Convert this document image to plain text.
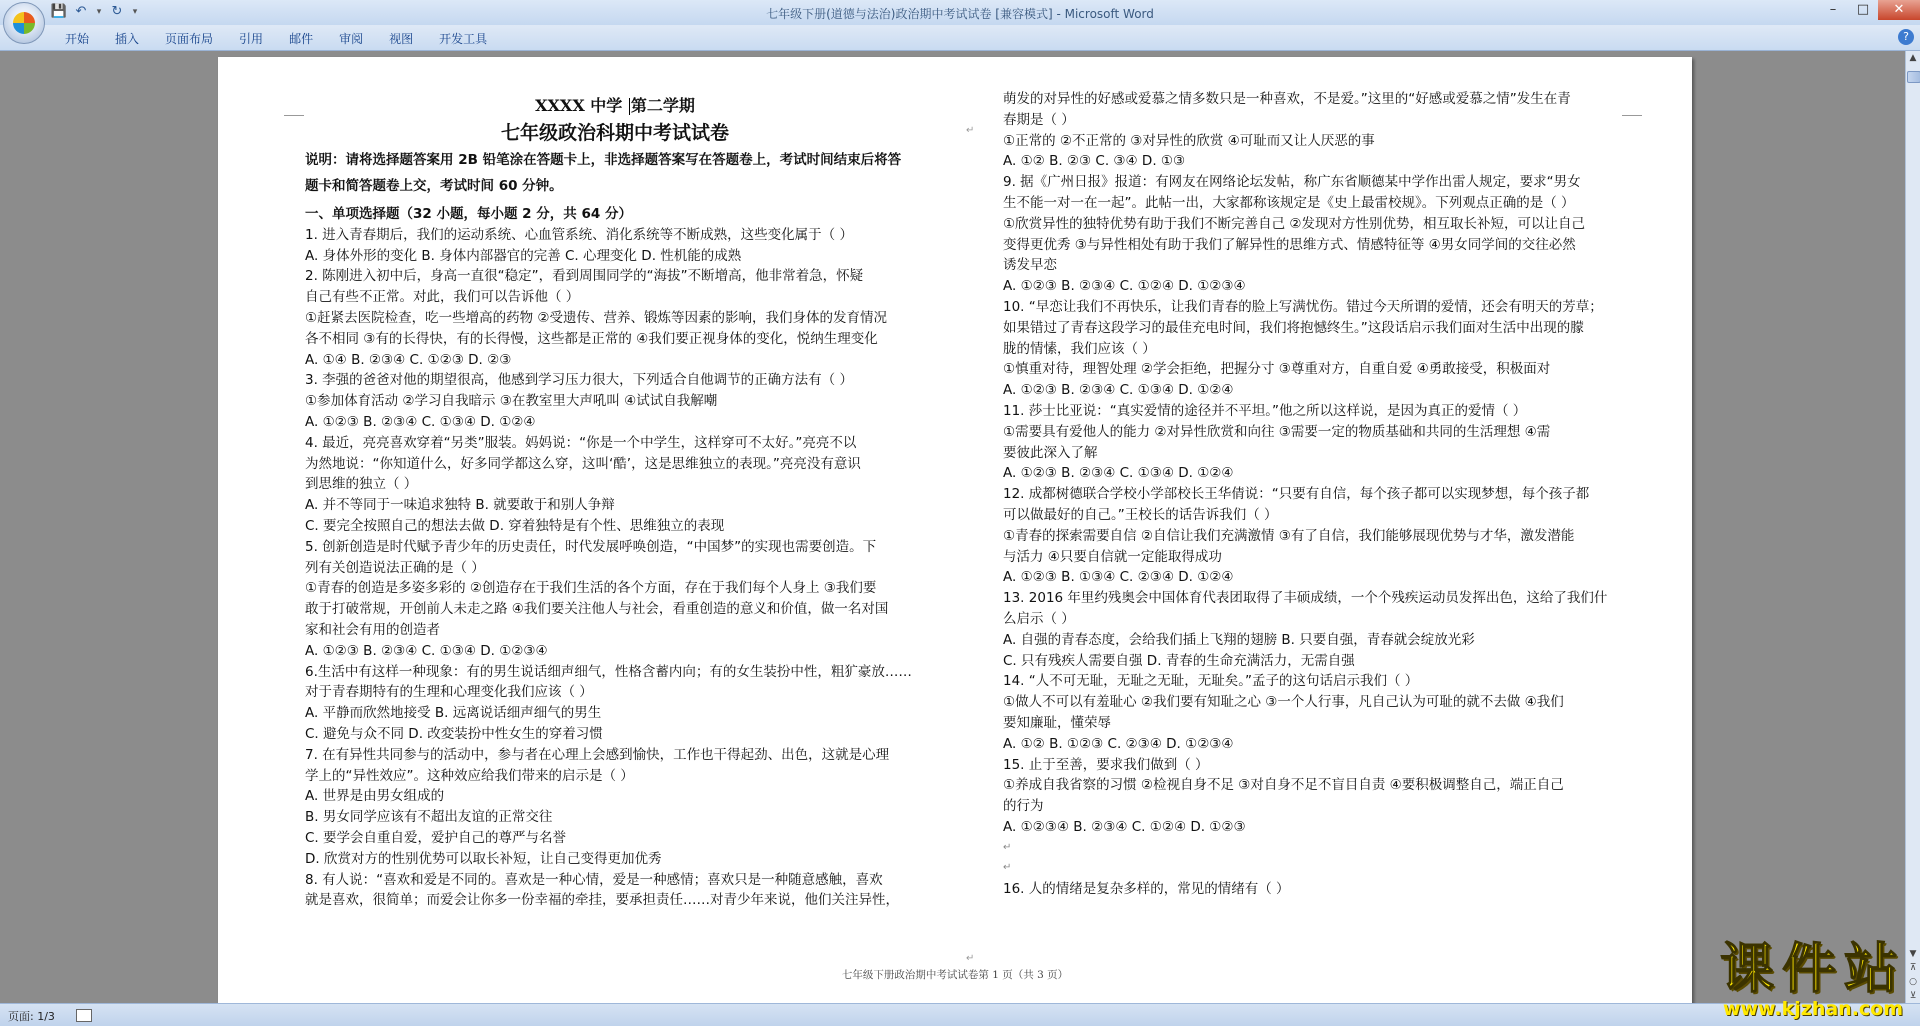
💾 ↶	▾ ↻	▾	七年级下册(道德与法治)政治期中考试试卷 [兼容模式] - Microsoft Word	–	□	✕
开始	插入	页面布局	引用	邮件	审阅	视图	开发工具	?
↵
↵

XXXX 中学 第二学期

七年级政治科期中考试试卷

说明：请将选择题答案用 2B 铅笔涂在答题卡上，非选择题答案写在答题卷上，考试时间结束后将答

题卡和简答题卷上交，考试时间 60 分钟。

一、单项选择题（32 小题，每小题 2 分，共 64 分）

1. 进入青春期后，我们的运动系统、心血管系统、消化系统等不断成熟，这些变化属于（ ）

A. 身体外形的变化 B. 身体内部器官的完善 C. 心理变化 D. 性机能的成熟

2. 陈刚进入初中后，身高一直很“稳定”，看到周围同学的“海拔”不断增高，他非常着急，怀疑

自己有些不正常。对此，我们可以告诉他（ ）

①赶紧去医院检查，吃一些增高的药物 ②受遗传、营养、锻炼等因素的影响，我们身体的发育情况

各不相同 ③有的长得快，有的长得慢，这些都是正常的 ④我们要正视身体的变化，悦纳生理变化

A. ①④ B. ②③④ C. ①②③ D. ②③

3. 李强的爸爸对他的期望很高，他感到学习压力很大，下列适合自他调节的正确方法有（ ）

①参加体育活动 ②学习自我暗示 ③在教室里大声吼叫 ④试试自我解嘲

A. ①②③ B. ②③④ C. ①③④ D. ①②④

4. 最近，亮亮喜欢穿着“另类”服装。妈妈说：“你是一个中学生，这样穿可不太好。”亮亮不以

为然地说：“你知道什么，好多同学都这么穿，这叫‘酷’，这是思维独立的表现。”亮亮没有意识

到思维的独立（ ）

A. 并不等同于一味追求独特 B. 就要敢于和别人争辩

C. 要完全按照自己的想法去做 D. 穿着独特是有个性、思维独立的表现

5. 创新创造是时代赋予青少年的历史责任，时代发展呼唤创造，“中国梦”的实现也需要创造。下

列有关创造说法正确的是（ ）

①青春的创造是多姿多彩的 ②创造存在于我们生活的各个方面，存在于我们每个人身上 ③我们要

敢于打破常规，开创前人未走之路 ④我们要关注他人与社会，看重创造的意义和价值，做一名对国

家和社会有用的创造者

A. ①②③ B. ②③④ C. ①③④ D. ①②③④

6.生活中有这样一种现象：有的男生说话细声细气，性格含蓄内向；有的女生装扮中性，粗犷豪放……

对于青春期特有的生理和心理变化我们应该（ ）

A. 平静而欣然地接受 B. 远离说话细声细气的男生

C. 避免与众不同 D. 改変装扮中性女生的穿着习惯

7. 在有异性共同参与的活动中，参与者在心理上会感到愉快，工作也干得起劲、出色，这就是心理

学上的“异性效应”。这种效应给我们带来的启示是（ ）

A. 世界是由男女组成的

B. 男女同学应该有不超出友谊的正常交往

C. 要学会自重自爱，爱护自己的尊严与名誉

D. 欣赏对方的性别优势可以取长补短，让自己变得更加优秀

8. 有人说：“喜欢和爱是不同的。喜欢是一种心情，爱是一种感情；喜欢只是一种随意感触，喜欢

就是喜欢，很简单；而爱会让你多一份幸福的牵挂，要承担责任……对青少年来说，他们关注异性，

萌发的对异性的好感或爱慕之情多数只是一种喜欢，不是爱。”这里的“好感或爱慕之情”发生在青

春期是（ ）

①正常的 ②不正常的 ③对异性的欣赏 ④可耻而又让人厌恶的事

A. ①② B. ②③ C. ③④ D. ①③

9. 据《广州日报》报道：有网友在网络论坛发帖，称广东省顺德某中学作出雷人规定，要求“男女

生不能一对一在一起”。此帖一出，大家都称该规定是《史上最雷校规》。下列观点正确的是（ ）

①欣赏异性的独特优势有助于我们不断完善自己 ②发现对方性别优势，相互取长补短，可以让自己

变得更优秀 ③与异性相处有助于我们了解异性的思维方式、情感特征等 ④男女同学间的交往必然

诱发早恋

A. ①②③ B. ②③④ C. ①②④ D. ①②③④

10. “早恋让我们不再快乐，让我们青春的脸上写满忧伤。错过今天所谓的爱情，还会有明天的芳草；

如果错过了青春这段学习的最佳充电时间，我们将抱憾终生。”这段话启示我们面对生活中出现的朦

胧的情愫，我们应该（ ）

①慎重对待，理智处理 ②学会拒绝，把握分寸 ③尊重对方，自重自爱 ④勇敢接受，积极面对

A. ①②③ B. ②③④ C. ①③④ D. ①②④

11. 莎士比亚说：“真实爱情的途径并不平坦。”他之所以这样说，是因为真正的爱情（ ）

①需要具有爱他人的能力 ②对异性欣赏和向往 ③需要一定的物质基础和共同的生活理想 ④需

要彼此深入了解

A. ①②③ B. ②③④ C. ①③④ D. ①②④

12. 成都树德联合学校小学部校长王华倩说：“只要有自信，每个孩子都可以实现梦想，每个孩子都

可以做最好的自己。”王校长的话告诉我们（ ）

①青春的探索需要自信 ②自信让我们充满激情 ③有了自信，我们能够展现优势与才华，激发潜能

与活力 ④只要自信就一定能取得成功

A. ①②③ B. ①③④ C. ②③④ D. ①②④

13. 2016 年里约残奥会中国体育代表团取得了丰硕成绩，一个个残疾运动员发挥出色，这给了我们什

么启示（ ）

A. 自强的青春态度，会给我们插上飞翔的翅膀 B. 只要自强，青春就会绽放光彩

C. 只有残疾人需要自强 D. 青春的生命充满活力，无需自强

14. “人不可无耻，无耻之无耻，无耻矣。”孟子的这句话启示我们（ ）

①做人不可以有羞耻心 ②我们要有知耻之心 ③一个人行事，凡自己认为可耻的就不去做 ④我们

要知廉耻，懂荣辱

A. ①② B. ①②③ C. ②③④ D. ①②③④

15. 止于至善，要求我们做到（ ）

①养成自我省察的习惯 ②检视自身不足 ③对自身不足不盲目自责 ④要积极调整自己，端正自己

的行为

A. ①②③④ B. ②③④ C. ①②④ D. ①②③

↵

↵

16. 人的情绪是复杂多样的，常见的情绪有（ ）

七年级下册政治期中考试试卷第 1 页（共 3 页）
▲
▼
⊼
○
⊻
页面: 1/3
课件站
www.kjzhan.com
